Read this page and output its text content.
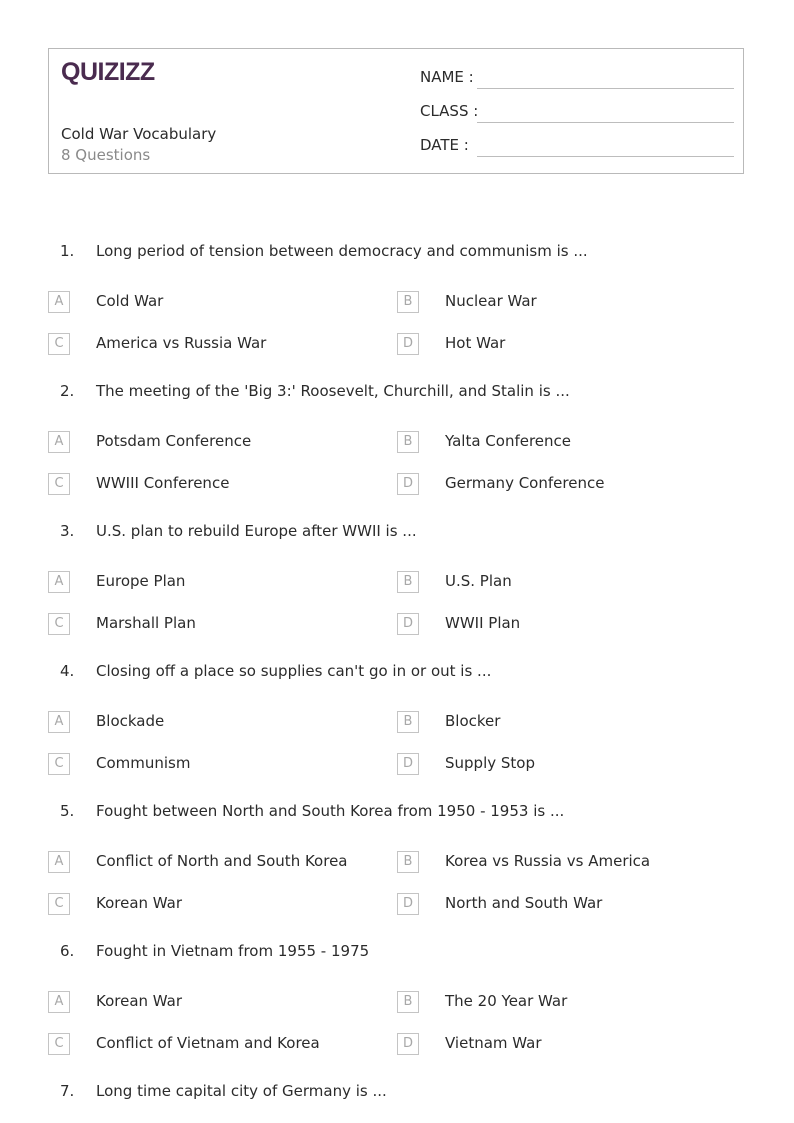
QUIZIZZ
Cold War Vocabulary
8 Questions
NAME :
CLASS :
DATE :
1. Long period of tension between democracy and communism is ...
2. The meeting of the 'Big 3:' Roosevelt, Churchill, and Stalin is ...
3. U.S. plan to rebuild Europe after WWII is ...
4. Closing off a place so supplies can't go in or out is ...
5. Fought between North and South Korea from 1950 - 1953 is ...
6. Fought in Vietnam from 1955 - 1975
7. Long time capital city of Germany is ...
A	Cold War	B	Nuclear War
C	America vs Russia War	D	Hot War
A	Potsdam Conference	B	Yalta Conference
C	WWIII Conference	D	Germany Conference
A	Europe Plan	B	U.S. Plan
C	Marshall Plan	D	WWII Plan
A	Blockade	B	Blocker
C	Communism	D	Supply Stop
A	Conflict of North and South Korea	B	Korea vs Russia vs America
C	Korean War	D	North and South War
A	Korean War	B	The 20 Year War
C	Conflict of Vietnam and Korea	D	Vietnam War
